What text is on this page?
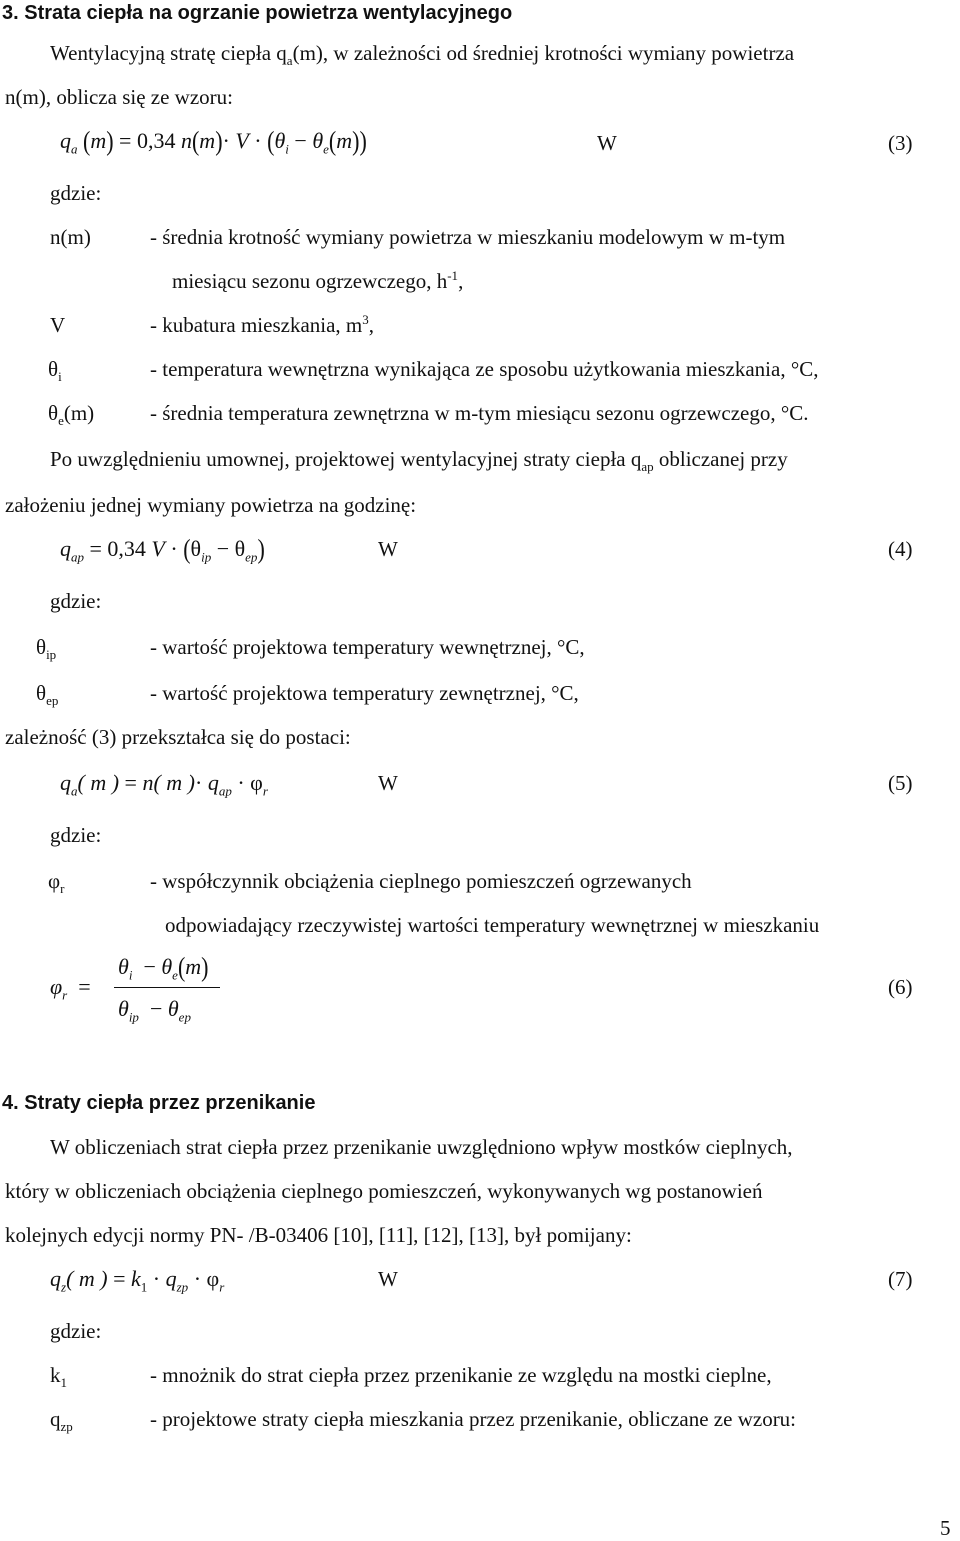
3. Strata ciepła na ogrzanie powietrza wentylacyjnego
Wentylacyjną stratę ciepła $q_a(m)$, w zależności od średniej krotności wymiany powietrza
n(m), oblicza się ze wzoru:
$q_a$ (m) = 0,34 $n(m)\cdot V \cdot (\theta_i - \theta_e(m))$	W	(3)
gdzie:
n(m)	- średnia krotność wymiany powietrza w mieszkaniu modelowym w m-tym
miesiącu sezonu ogrzewczego, $h^{-1}$,
V	- kubatura mieszkania, $m^3$,
$\theta_i$	- temperatura wewnętrzna wynikająca ze sposobu użytkowania mieszkania, °C,
$\theta_e(m)$	- średnia temperatura zewnętrzna w m-tym miesiącu sezonu ogrzewczego, °C.
Po uwzględnieniu umownej, projektowej wentylacyjnej straty ciepła $q_{ap}$ obliczanej przy
założeniu jednej wymiany powietrza na godzinę:
$q_{ap} = 0,34$ $V \cdot (\theta_{ip} - \theta_{ep})$	W	(4)
gdzie:
$\theta_{ip}$	- wartość projektowa temperatury wewnętrznej, °C,
$\theta_{ep}$	- wartość projektowa temperatury zewnętrznej, °C,
zależność (3) przekształca się do postaci:
$q_a$( m ) = n( m )· $q_{ap} \cdot \varphi_r$	W	(5)
gdzie:
$\varphi_r$	- współczynnik obciążenia cieplnego pomieszczeń ogrzewanych
odpowiadający rzeczywistej wartości temperatury wewnętrznej w mieszkaniu
$\varphi_r$  =
$\theta_i - \theta_e(m)$
$\theta_{ip} - \theta_{ep}$
(6)
4. Straty ciepła przez przenikanie
W obliczeniach strat ciepła przez przenikanie uwzględniono wpływ mostków cieplnych,
który w obliczeniach obciążenia cieplnego pomieszczeń, wykonywanych wg postanowień
kolejnych edycji normy PN- /B-03406 [10], [11], [12], [13], był pomijany:
$q_z$( m ) = $k_1 \cdot q_{zp} \cdot \varphi_r$	W	(7)
gdzie:
$k_1$	- mnożnik do strat ciepła przez przenikanie ze względu na mostki cieplne,
$q_{zp}$	- projektowe straty ciepła mieszkania przez przenikanie, obliczane ze wzoru:
5
